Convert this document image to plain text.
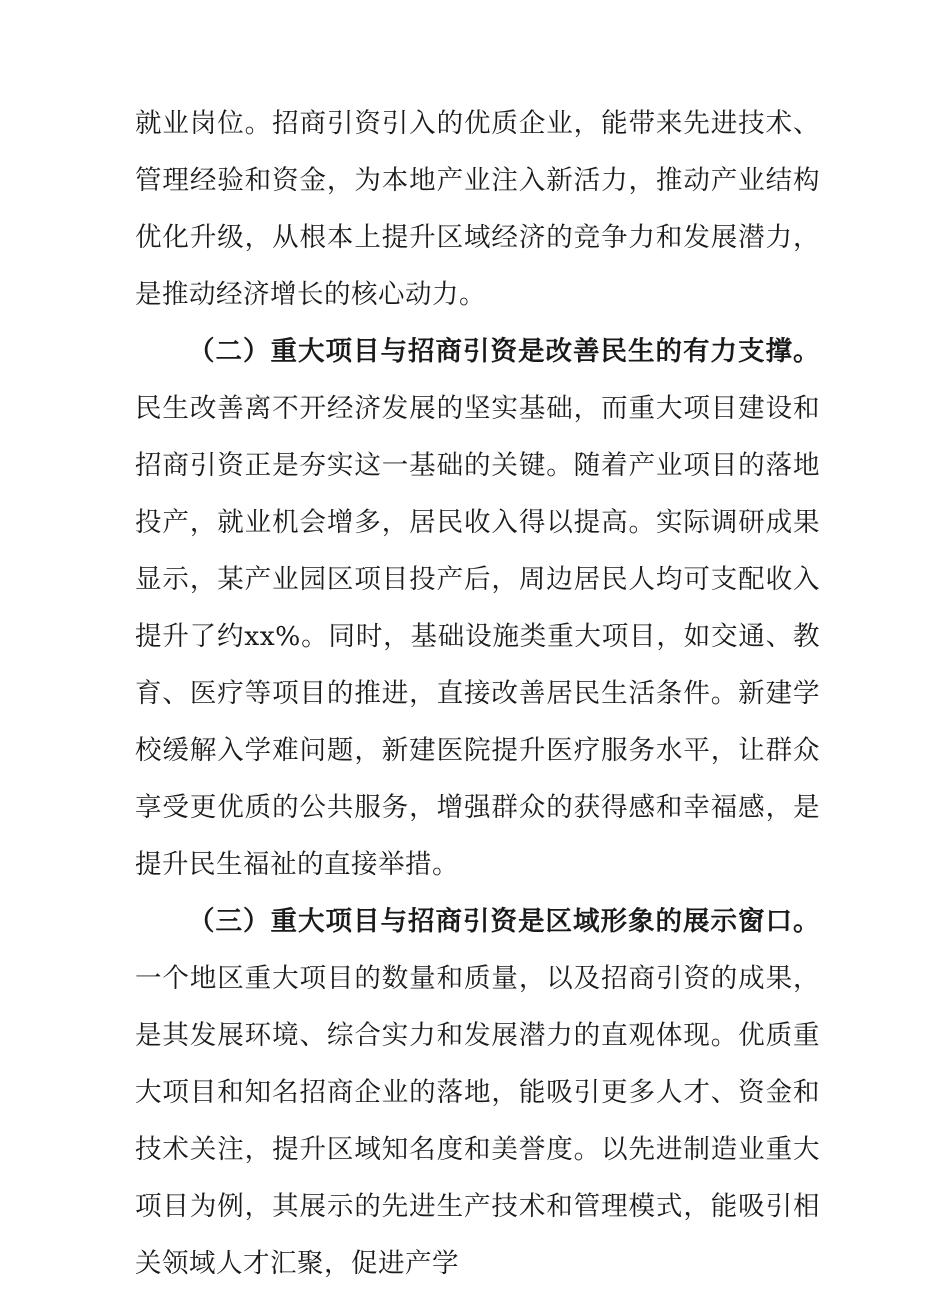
就业岗位。招商引资引入的优质企业，能带来先进技术、管理经验和资金，为本地产业注入新活力，推动产业结构优化升级，从根本上提升区域经济的竞争力和发展潜力，是推动经济增长的核心动力。

（二）重大项目与招商引资是改善民生的有力支撑。民生改善离不开经济发展的坚实基础，而重大项目建设和招商引资正是夯实这一基础的关键。随着产业项目的落地投产，就业机会增多，居民收入得以提高。实际调研成果显示，某产业园区项目投产后，周边居民人均可支配收入提升了约xx%。同时，基础设施类重大项目，如交通、教育、医疗等项目的推进，直接改善居民生活条件。新建学校缓解入学难问题，新建医院提升医疗服务水平，让群众享受更优质的公共服务，增强群众的获得感和幸福感，是提升民生福祉的直接举措。

（三）重大项目与招商引资是区域形象的展示窗口。一个地区重大项目的数量和质量，以及招商引资的成果，是其发展环境、综合实力和发展潜力的直观体现。优质重大项目和知名招商企业的落地，能吸引更多人才、资金和技术关注，提升区域知名度和美誉度。以先进制造业重大项目为例，其展示的先进生产技术和管理模式，能吸引相关领域人才汇聚，促进产学
